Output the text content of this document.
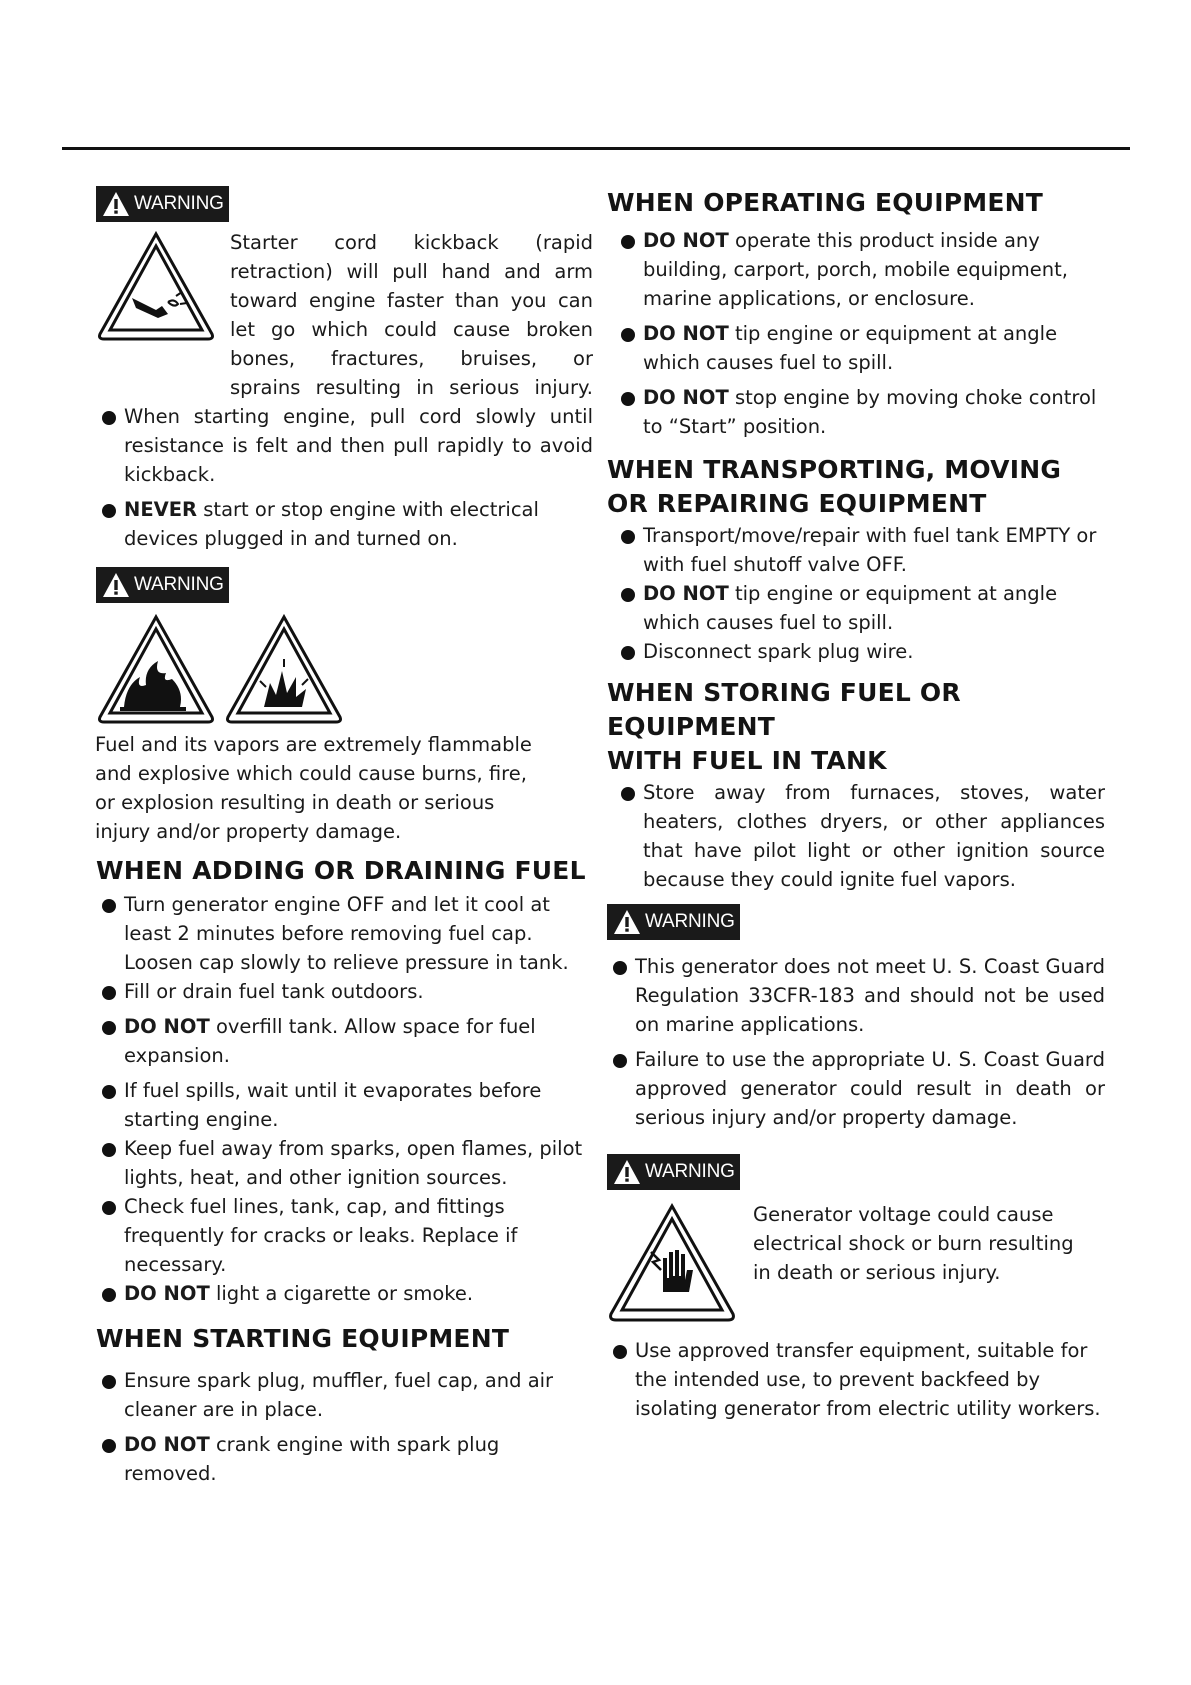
WARNING

Starter cord kickback (rapid

retraction) will pull hand and arm

toward engine faster than you can

let go which could cause broken

bones, fractures, bruises, or

sprains resulting in serious injury.

When starting engine, pull cord slowly until resistance is felt and then pull rapidly to avoid kickback.
NEVER start or stop engine with electrical devices plugged in and turned on.
WARNING

Fuel and its vapors are extremely flammable

and explosive which could cause burns, fire,

or explosion resulting in death or serious

injury and/or property damage.

WHEN ADDING OR DRAINING FUEL
Turn generator engine OFF and let it cool at least 2 minutes before removing fuel cap. Loosen cap slowly to relieve pressure in tank.
Fill or drain fuel tank outdoors.
DO NOT overfill tank. Allow space for fuel expansion.
If fuel spills, wait until it evaporates before starting engine.
Keep fuel away from sparks, open flames, pilot lights, heat, and other ignition sources.
Check fuel lines, tank, cap, and fittings frequently for cracks or leaks. Replace if necessary.
DO NOT light a cigarette or smoke.
WHEN STARTING EQUIPMENT
Ensure spark plug, muffler, fuel cap, and air cleaner are in place.
DO NOT crank engine with spark plug removed.
WHEN OPERATING EQUIPMENT
DO NOT operate this product inside any building, carport, porch, mobile equipment, marine applications, or enclosure.
DO NOT tip engine or equipment at angle which causes fuel to spill.
DO NOT stop engine by moving choke control to “Start” position.
WHEN TRANSPORTING, MOVING
OR REPAIRING EQUIPMENT
Transport/move/repair with fuel tank EMPTY or with fuel shutoff valve OFF.
DO NOT tip engine or equipment at angle which causes fuel to spill.
Disconnect spark plug wire.
WHEN STORING FUEL OR EQUIPMENT
WITH FUEL IN TANK
Store away from furnaces, stoves, water heaters, clothes dryers, or other appliances that have pilot light or other ignition source because they could ignite fuel vapors.
WARNING
This generator does not meet U. S. Coast Guard Regulation 33CFR-183 and should not be used on marine applications.
Failure to use the appropriate U. S. Coast Guard approved generator could result in death or serious injury and/or property damage.
WARNING

Generator voltage could cause

electrical shock or burn resulting

in death or serious injury.

Use approved transfer equipment, suitable for the intended use, to prevent backfeed by isolating generator from electric utility workers.
